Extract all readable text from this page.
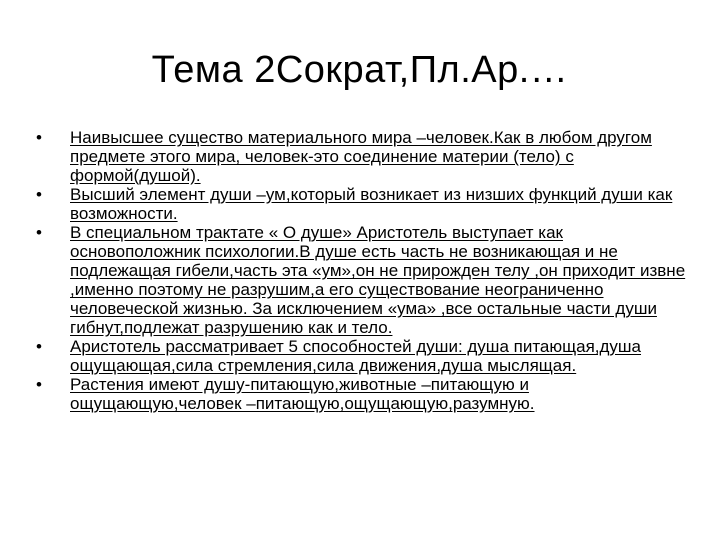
Тема 2Сократ,Пл.Ар.…
•	Наивысшее существо материального мира –человек.Как в любом другом предмете этого мира, человек-это соединение материи (тело) с формой(душой).
•	Высший элемент души –ум,который возникает из низших функций души как возможности.
•	В специальном трактате « О душе» Аристотель выступает как основоположник психологии.В душе есть часть не возникающая и не подлежащая гибели,часть эта «ум»,он не прирожден телу ,он приходит извне ,именно поэтому не разрушим,а его существование неограниченно человеческой жизнью. За исключением «ума» ,все остальные части души гибнут,подлежат разрушению как и тело.
•	Аристотель рассматривает 5 способностей души: душа питающая,душа ощущающая,сила стремления,сила движения,душа мыслящая.
•	Растения имеют душу-питающую,животные –питающую и ощущающую,человек –питающую,ощущающую,разумную.
